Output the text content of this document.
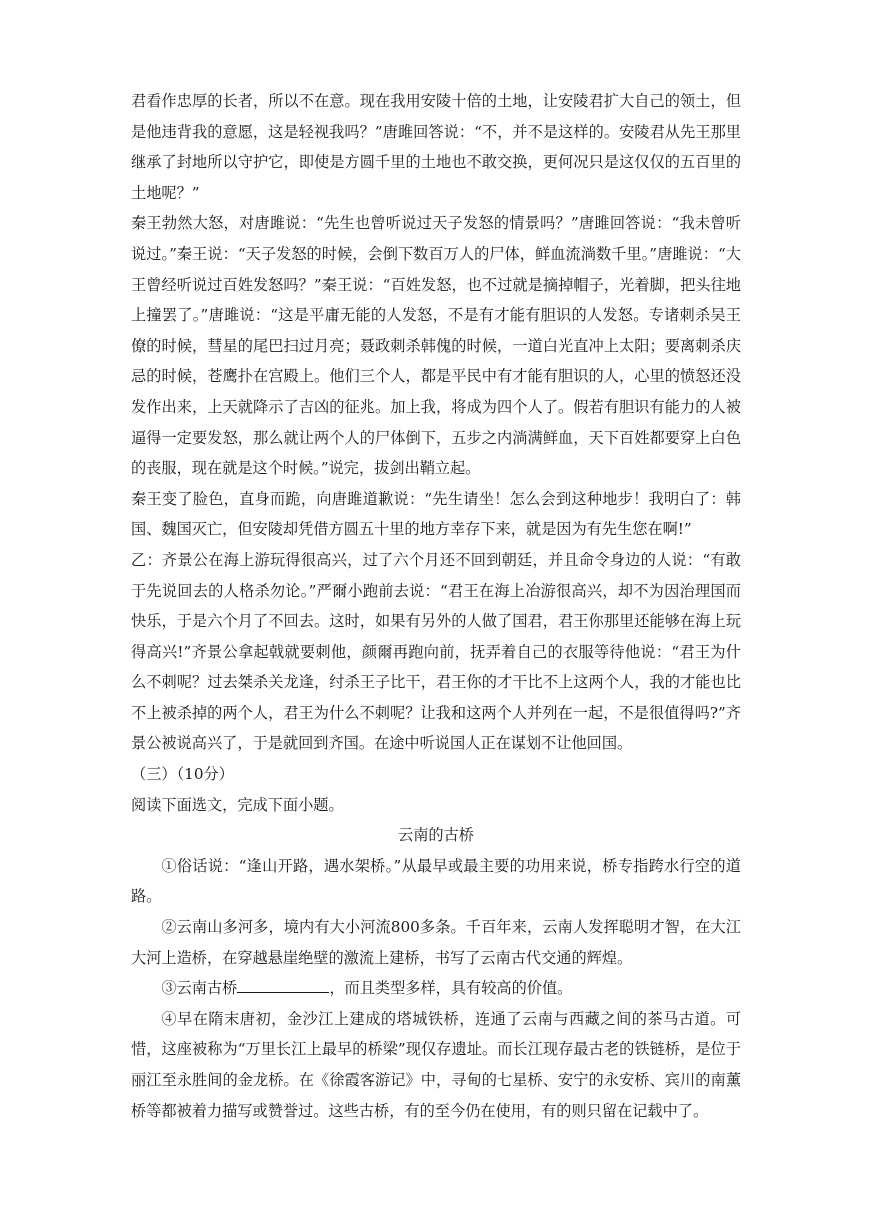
君看作忠厚的长者，所以不在意。现在我用安陵十倍的土地，让安陵君扩大自己的领土，但是他违背我的意愿，这是轻视我吗？”唐雎回答说：“不，并不是这样的。安陵君从先王那里继承了封地所以守护它，即使是方圆千里的土地也不敢交换，更何况只是这仅仅的五百里的土地呢？”

秦王勃然大怒，对唐雎说：“先生也曾听说过天子发怒的情景吗？”唐雎回答说：“我未曾听说过。”秦王说：“天子发怒的时候，会倒下数百万人的尸体，鲜血流淌数千里。”唐雎说：“大王曾经听说过百姓发怒吗？”秦王说：“百姓发怒，也不过就是摘掉帽子，光着脚，把头往地上撞罢了。”唐雎说：“这是平庸无能的人发怒，不是有才能有胆识的人发怒。专诸刺杀吴王僚的时候，彗星的尾巴扫过月亮；聂政刺杀韩傀的时候，一道白光直冲上太阳；要离刺杀庆忌的时候，苍鹰扑在宫殿上。他们三个人，都是平民中有才能有胆识的人，心里的愤怒还没发作出来，上天就降示了吉凶的征兆。加上我，将成为四个人了。假若有胆识有能力的人被逼得一定要发怒，那么就让两个人的尸体倒下，五步之内淌满鲜血，天下百姓都要穿上白色的丧服，现在就是这个时候。”说完，拔剑出鞘立起。

秦王变了脸色，直身而跪，向唐雎道歉说：“先生请坐！怎么会到这种地步！我明白了：韩国、魏国灭亡，但安陵却凭借方圆五十里的地方幸存下来，就是因为有先生您在啊!”

乙：齐景公在海上游玩得很高兴，过了六个月还不回到朝廷，并且命令身边的人说：“有敢于先说回去的人格杀勿论。”严爾小跑前去说：“君王在海上冶游很高兴，却不为因治理国而快乐，于是六个月了不回去。这时，如果有另外的人做了国君，君王你那里还能够在海上玩得高兴!”齐景公拿起戟就要刺他，颜爾再跑向前，抚弄着自己的衣服等待他说：“君王为什么不刺呢？过去桀杀关龙逢，纣杀王子比干，君王你的才干比不上这两个人，我的才能也比不上被杀掉的两个人，君王为什么不刺呢？让我和这两个人并列在一起，不是很值得吗?”齐景公被说高兴了，于是就回到齐国。在途中听说国人正在谋划不让他回国。

（三）（10分）

阅读下面选文，完成下面小题。

云南的古桥

①俗话说：“逢山开路，遇水架桥。”从最早或最主要的功用来说，桥专指跨水行空的道路。

②云南山多河多，境内有大小河流800多条。千百年来，云南人发挥聪明才智，在大江大河上造桥，在穿越悬崖绝壁的激流上建桥，书写了云南古代交通的辉煌。

③云南古桥	，而且类型多样，具有较高的价值。

④早在隋末唐初，金沙江上建成的塔城铁桥，连通了云南与西藏之间的茶马古道。可惜，这座被称为“万里长江上最早的桥梁”现仅存遗址。而长江现存最古老的铁链桥，是位于丽江至永胜间的金龙桥。在《徐霞客游记》中，寻甸的七星桥、安宁的永安桥、宾川的南薰桥等都被着力描写或赞誉过。这些古桥，有的至今仍在使用，有的则只留在记载中了。
